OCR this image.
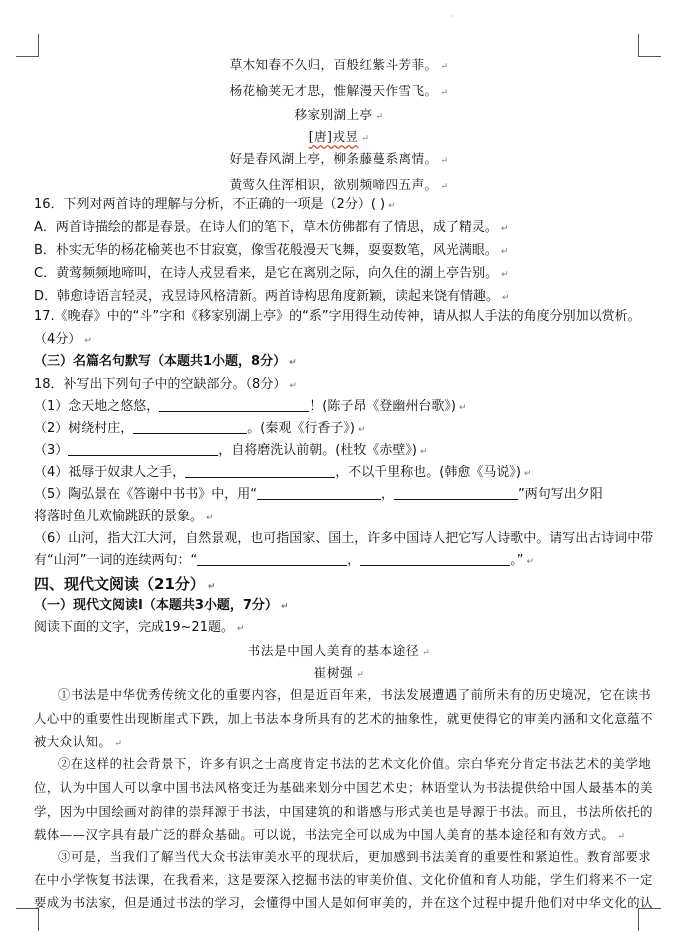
·
草木知春不久归，百般红紫斗芳菲。 ↵
杨花榆荚无才思，惟解漫天作雪飞。 ↵
移家别湖上亭 ↵
[唐]戎昱 ↵
好是春风湖上亭，柳条藤蔓系离情。 ↵
黄莺久住浑相识，欲别频啼四五声。 ↵
16．下列对两首诗的理解与分析，不正确的一项是（2分）( ) ↵
A．两首诗描绘的都是春景。在诗人们的笔下，草木仿佛都有了情思，成了精灵。 ↵
B．朴实无华的杨花榆荚也不甘寂寞，像雪花般漫天飞舞，耍耍数笔，风光满眼。 ↵
C．黄莺频频地啼叫，在诗人戎昱看来，是它在离别之际，向久住的湖上亭告别。 ↵
D．韩愈诗语言轻灵，戎昱诗风格清新。两首诗构思角度新颖，读起来饶有情趣。 ↵
17.《晚春》中的“斗”字和《移家别湖上亭》的“系”字用得生动传神，请从拟人手法的角度分别加以赏析。
（4分） ↵
（三）名篇名句默写（本题共1小题，8分） ↵
18．补写出下列句子中的空缺部分。（8分） ↵
（1）念天地之悠悠，	！(陈子昂《登幽州台歌》) ↵
（2）树绕村庄，	。(秦观《行香子》) ↵
（3）	，自将磨洗认前朝。(杜牧《赤壁》) ↵
（4）祗辱于奴隶人之手，	，不以千里称也。(韩愈《马说》) ↵
（5）陶弘景在《答谢中书书》中，用“	，	”两句写出夕阳
将落时鱼儿欢愉跳跃的景象。 ↵
（6）山河，指大江大河，自然景观，也可指国家、国土，许多中国诗人把它写人诗歌中。请写出古诗词中带
有“山河”一词的连续两句：“	，	。” ↵
四、现代文阅读（21分） ↵
（一）现代文阅读Ⅰ（本题共3小题，7分） ↵
阅读下面的文字，完成19~21题。 ↵
书法是中国人美育的基本途径 ↵
崔树强 ↵
①书法是中华优秀传统文化的重要内容，但是近百年来，书法发展遭遇了前所未有的历史境况，它在读书
人心中的重要性出现断崖式下跌，加上书法本身所具有的艺术的抽象性，就更使得它的审美内涵和文化意蕴不
被大众认知。 ↵
②在这样的社会背景下，许多有识之士高度肯定书法的艺术文化价值。宗白华充分肯定书法艺术的美学地
位，认为中国人可以拿中国书法风格变迁为基础来划分中国艺术史；林语堂认为书法提供给中国人最基本的美
学，因为中国绘画对韵律的崇拜源于书法，中国建筑的和谐感与形式美也是导源于书法。而且，书法所依托的
载体——汉字具有最广泛的群众基础。可以说，书法完全可以成为中国人美育的基本途径和有效方式。 ↵
③可是，当我们了解当代大众书法审美水平的现状后，更加感到书法美育的重要性和紧迫性。教育部要求
在中小学恢复书法课，在我看来，这是要深入挖掘书法的审美价值、文化价值和育人功能，学生们将来不一定
要成为书法家，但是通过书法的学习，会懂得中国人是如何审美的，并在这个过程中提升他们对中华文化的认
